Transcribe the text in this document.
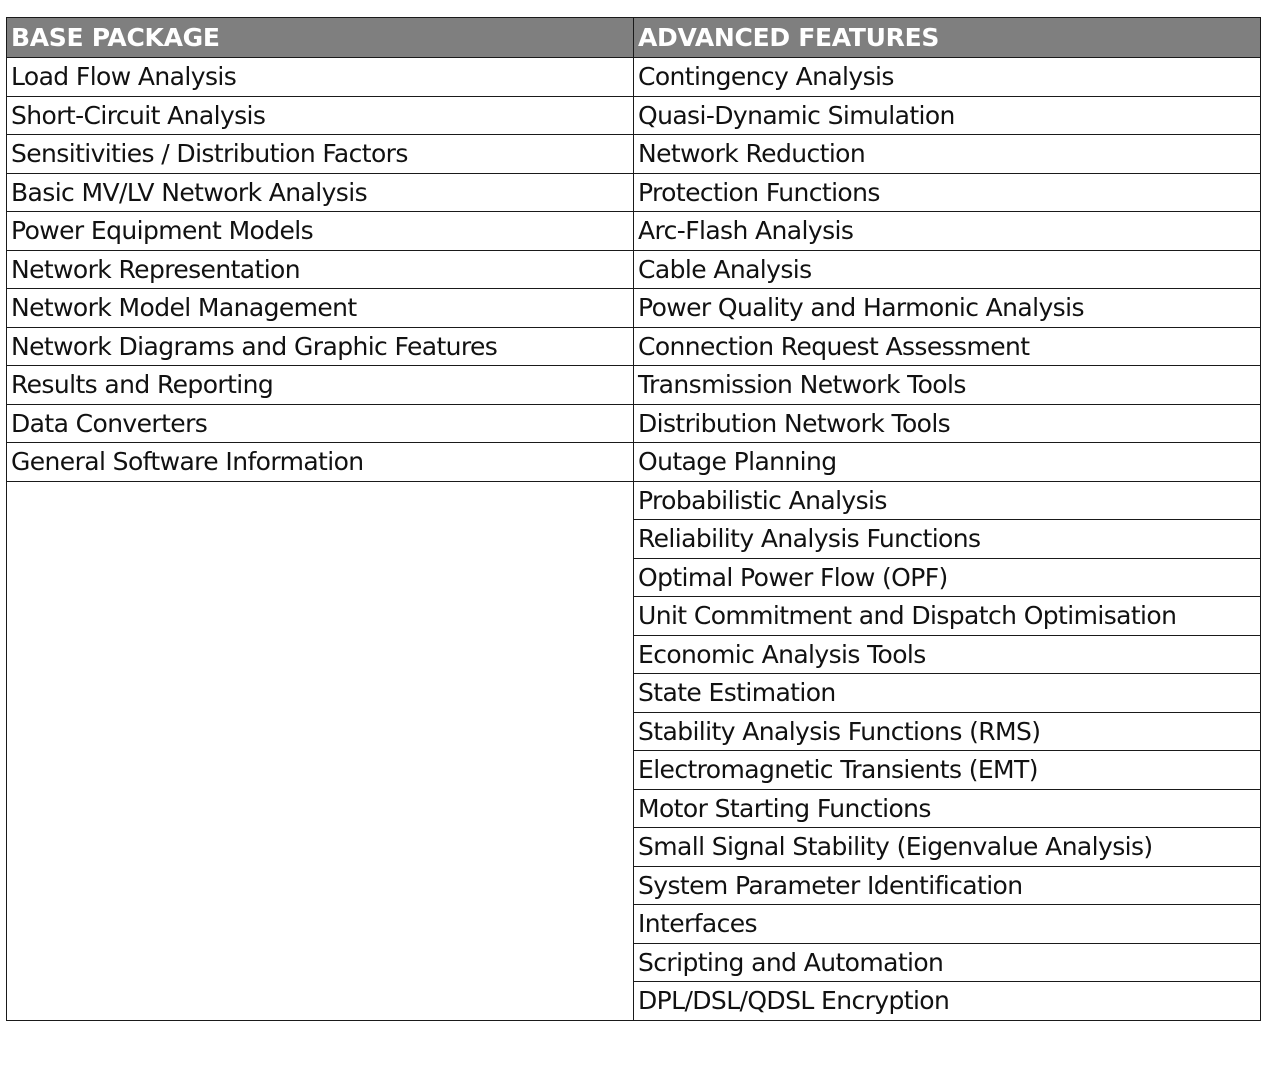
BASE PACKAGE	ADVANCED FEATURES
Load Flow Analysis	Contingency Analysis
Short-Circuit Analysis	Quasi-Dynamic Simulation
Sensitivities / Distribution Factors	Network Reduction
Basic MV/LV Network Analysis	Protection Functions
Power Equipment Models	Arc-Flash Analysis
Network Representation	Cable Analysis
Network Model Management	Power Quality and Harmonic Analysis
Network Diagrams and Graphic Features	Connection Request Assessment
Results and Reporting	Transmission Network Tools
Data Converters	Distribution Network Tools
General Software Information	Outage Planning
	Probabilistic Analysis
	Reliability Analysis Functions
	Optimal Power Flow (OPF)
	Unit Commitment and Dispatch Optimisation
	Economic Analysis Tools
	State Estimation
	Stability Analysis Functions (RMS)
	Electromagnetic Transients (EMT)
	Motor Starting Functions
	Small Signal Stability (Eigenvalue Analysis)
	System Parameter Identification
	Interfaces
	Scripting and Automation
	DPL/DSL/QDSL Encryption
